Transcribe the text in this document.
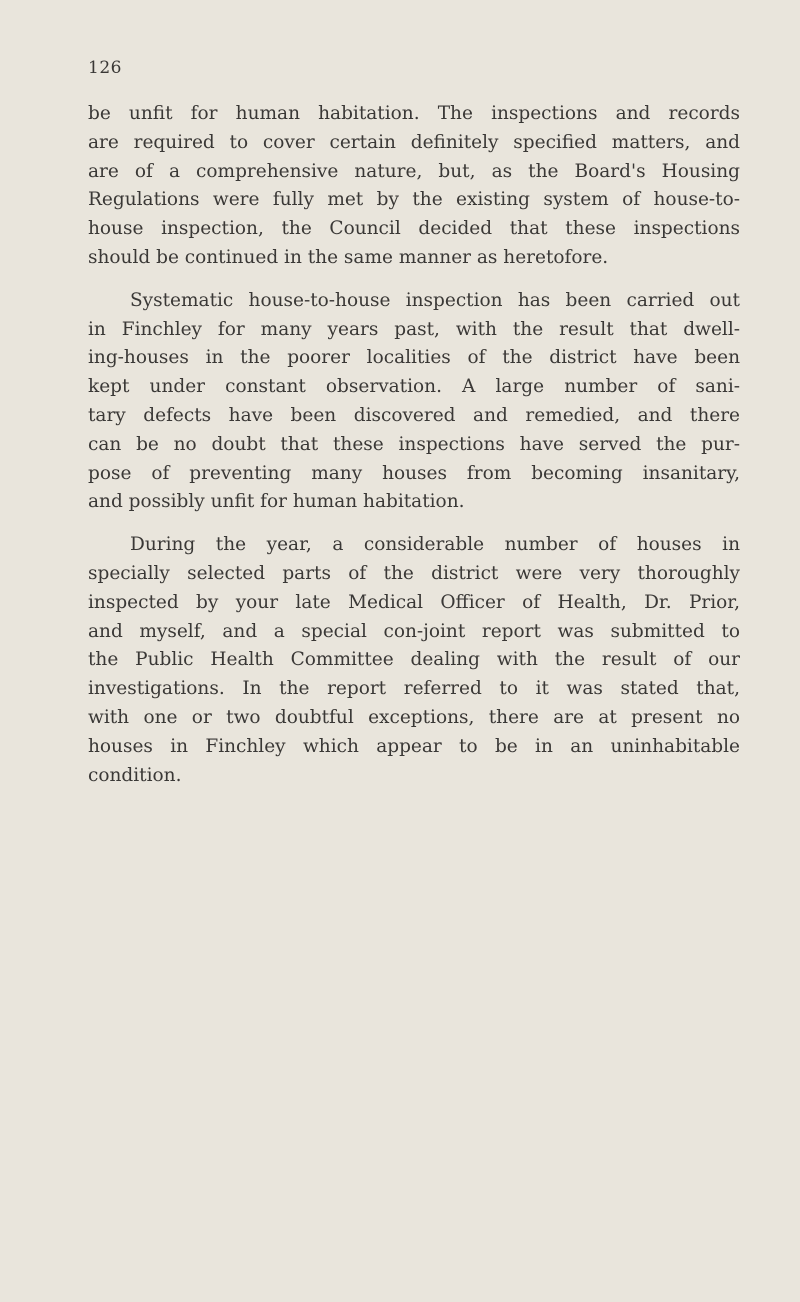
126

be unfit for human habitation. The inspections and records
are required to cover certain definitely specified matters, and
are of a comprehensive nature, but, as the Board's Housing
Regulations were fully met by the existing system of house-to-
house inspection, the Council decided that these inspections
should be continued in the same manner as heretofore.

Systematic house-to-house inspection has been carried out
in Finchley for many years past, with the result that dwell-
ing-houses in the poorer localities of the district have been
kept under constant observation. A large number of sani-
tary defects have been discovered and remedied, and there
can be no doubt that these inspections have served the pur-
pose of preventing many houses from becoming insanitary,
and possibly unfit for human habitation.

During the year, a considerable number of houses in
specially selected parts of the district were very thoroughly
inspected by your late Medical Officer of Health, Dr. Prior,
and myself, and a special con-joint report was submitted to
the Public Health Committee dealing with the result of our
investigations. In the report referred to it was stated that,
with one or two doubtful exceptions, there are at present no
houses in Finchley which appear to be in an uninhabitable
condition.
